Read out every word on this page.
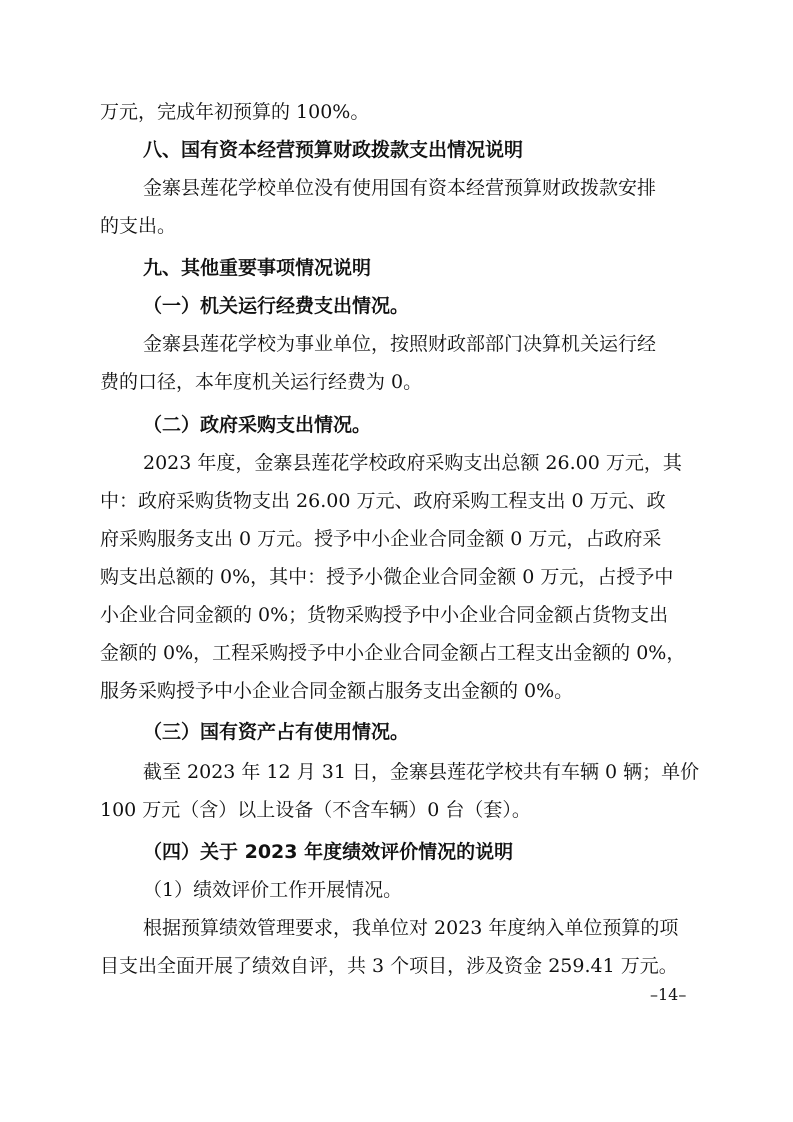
万元，完成年初预算的 100%。
八、国有资本经营预算财政拨款支出情况说明
金寨县莲花学校单位没有使用国有资本经营预算财政拨款安排
的支出。
九、其他重要事项情况说明
（一）机关运行经费支出情况。
金寨县莲花学校为事业单位，按照财政部部门决算机关运行经
费的口径，本年度机关运行经费为 0。
（二）政府采购支出情况。
2023 年度，金寨县莲花学校政府采购支出总额 26.00 万元，其
中：政府采购货物支出 26.00 万元、政府采购工程支出 0 万元、政
府采购服务支出 0 万元。授予中小企业合同金额 0 万元，占政府采
购支出总额的 0%，其中：授予小微企业合同金额 0 万元，占授予中
小企业合同金额的 0%；货物采购授予中小企业合同金额占货物支出
金额的 0%，工程采购授予中小企业合同金额占工程支出金额的 0%，
服务采购授予中小企业合同金额占服务支出金额的 0%。
（三）国有资产占有使用情况。
截至 2023 年 12 月 31 日，金寨县莲花学校共有车辆 0 辆；单价
100 万元（含）以上设备（不含车辆）0 台（套）。
（四）关于 2023 年度绩效评价情况的说明
（1）绩效评价工作开展情况。
根据预算绩效管理要求，我单位对 2023 年度纳入单位预算的项
目支出全面开展了绩效自评，共 3 个项目，涉及资金 259.41 万元。
–14–
